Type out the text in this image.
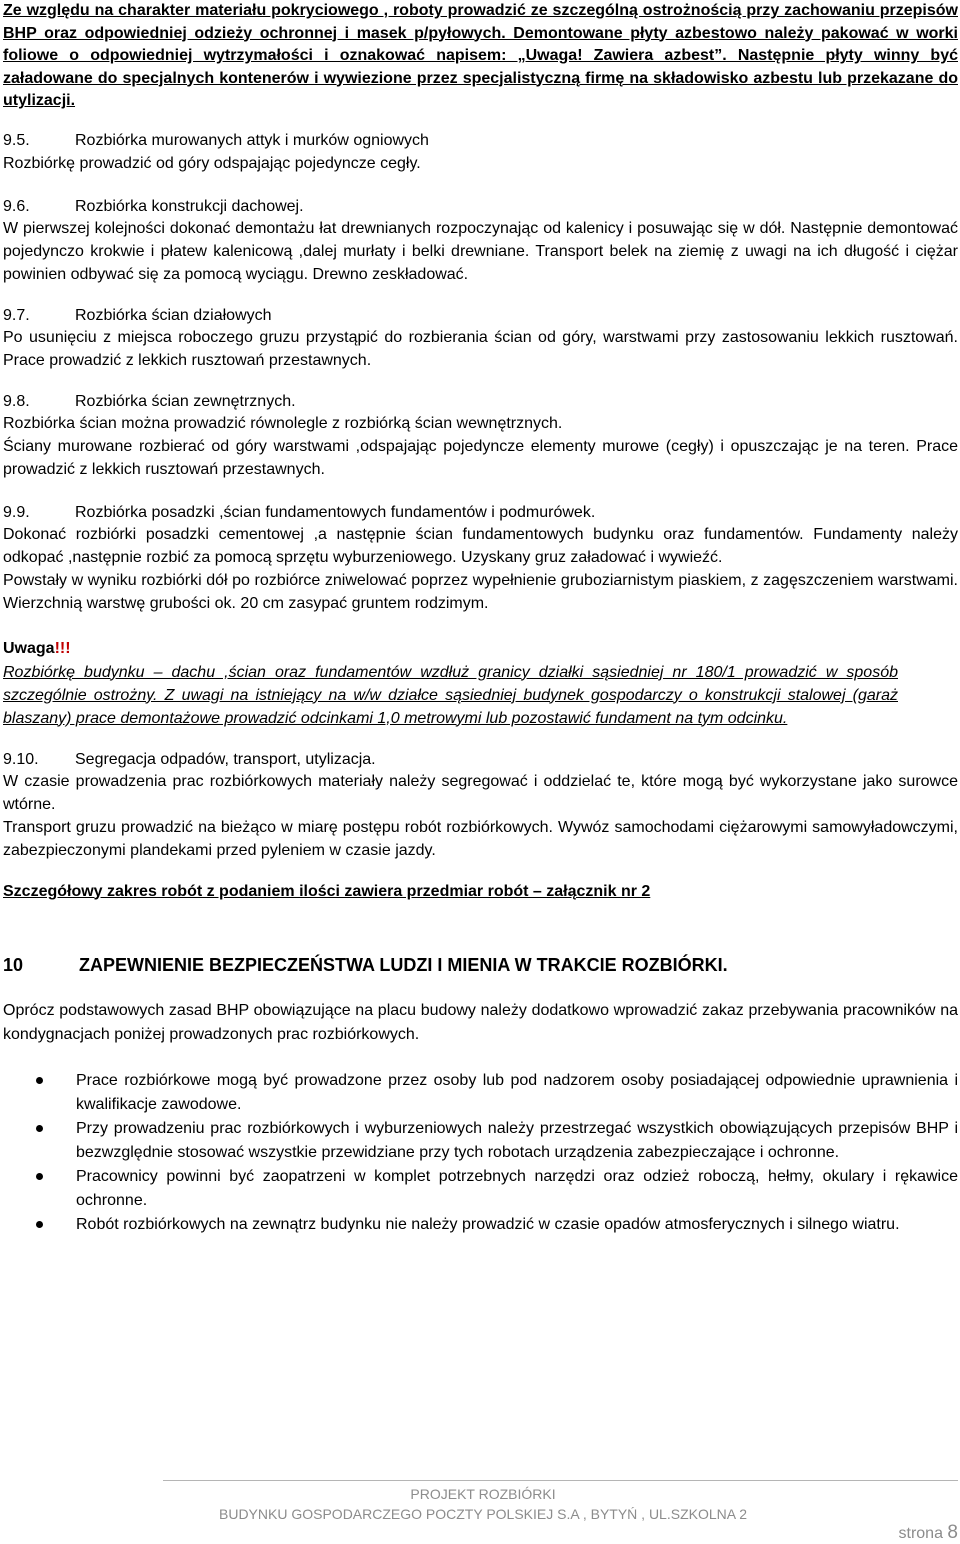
Ze względu na charakter materiału pokryciowego , roboty prowadzić ze szczególną ostrożnością przy zachowaniu przepisów BHP oraz odpowiedniej odzieży ochronnej i masek p/pyłowych. Demontowane płyty azbestowo należy pakować w worki foliowe o odpowiedniej wytrzymałości i oznakować napisem: „Uwaga! Zawiera azbest”. Następnie płyty winny być załadowane do specjalnych kontenerów i wywiezione przez specjalistyczną firmę na składowisko azbestu lub przekazane do utylizacji.

9.5.	Rozbiórka murowanych attyk i murków ogniowych

Rozbiórkę prowadzić od góry odspajając pojedyncze cegły.

9.6.	Rozbiórka konstrukcji dachowej.

W pierwszej kolejności dokonać demontażu łat drewnianych rozpoczynając od kalenicy i posuwając się w dół. Następnie demontować pojedynczo krokwie i płatew kalenicową ,dalej murłaty i belki drewniane. Transport belek na ziemię z uwagi na ich długość i ciężar powinien odbywać się za pomocą wyciągu. Drewno zeskładować.

9.7.	Rozbiórka ścian działowych

Po usunięciu z miejsca roboczego gruzu przystąpić do rozbierania ścian od góry, warstwami przy zastosowaniu lekkich rusztowań. Prace prowadzić z lekkich rusztowań przestawnych.

9.8.	Rozbiórka ścian zewnętrznych.

Rozbiórka ścian można prowadzić równolegle z rozbiórką ścian wewnętrznych.

Ściany murowane rozbierać od góry warstwami ,odspajając pojedyncze elementy murowe (cegły) i opuszczając je na teren. Prace prowadzić z lekkich rusztowań przestawnych.

9.9.	Rozbiórka posadzki ,ścian fundamentowych fundamentów i podmurówek.

Dokonać rozbiórki posadzki cementowej ,a następnie ścian fundamentowych budynku oraz fundamentów. Fundamenty należy odkopać ,następnie rozbić za pomocą sprzętu wyburzeniowego. Uzyskany gruz załadować i wywieźć.

Powstały w wyniku rozbiórki dół po rozbiórce zniwelować poprzez wypełnienie gruboziarnistym piaskiem, z zagęszczeniem warstwami. Wierzchnią warstwę grubości ok. 20 cm zasypać gruntem rodzimym.

Uwaga!!!

Rozbiórkę budynku – dachu ,ścian oraz fundamentów wzdłuż granicy działki sąsiedniej nr 180/1 prowadzić w sposób szczególnie ostrożny. Z uwagi na istniejący na w/w działce sąsiedniej budynek gospodarczy o konstrukcji stalowej (garaż blaszany) prace demontażowe prowadzić odcinkami 1,0 metrowymi lub pozostawić fundament na tym odcinku.

9.10. Segregacja odpadów, transport, utylizacja.

W czasie prowadzenia prac rozbiórkowych materiały należy segregować i oddzielać te, które mogą być wykorzystane jako surowce wtórne.

Transport gruzu prowadzić na bieżąco w miarę postępu robót rozbiórkowych. Wywóz samochodami ciężarowymi samowyładowczymi, zabezpieczonymi plandekami przed pyleniem w czasie jazdy.

Szczegółowy zakres robót z podaniem ilości zawiera przedmiar robót – załącznik nr 2

10	ZAPEWNIENIE BEZPIECZEŃSTWA LUDZI I MIENIA W TRAKCIE ROZBIÓRKI.

Oprócz podstawowych zasad BHP obowiązujące na placu budowy należy dodatkowo wprowadzić zakaz przebywania pracowników na kondygnacjach poniżej prowadzonych prac rozbiórkowych.

Prace rozbiórkowe mogą być prowadzone przez osoby lub pod nadzorem osoby posiadającej odpowiednie uprawnienia i kwalifikacje zawodowe.
Przy prowadzeniu prac rozbiórkowych i wyburzeniowych należy przestrzegać wszystkich obowiązujących przepisów BHP i bezwzględnie stosować wszystkie przewidziane przy tych robotach urządzenia zabezpieczające i ochronne.
Pracownicy powinni być zaopatrzeni w komplet potrzebnych narzędzi oraz odzież roboczą, hełmy, okulary i rękawice ochronne.
Robót rozbiórkowych na zewnątrz budynku nie należy prowadzić w czasie opadów atmosferycznych i silnego wiatru.
PROJEKT ROZBIÓRKI
BUDYNKU GOSPODARCZEGO POCZTY POLSKIEJ S.A , BYTYŃ , UL.SZKOLNA 2
strona 8
